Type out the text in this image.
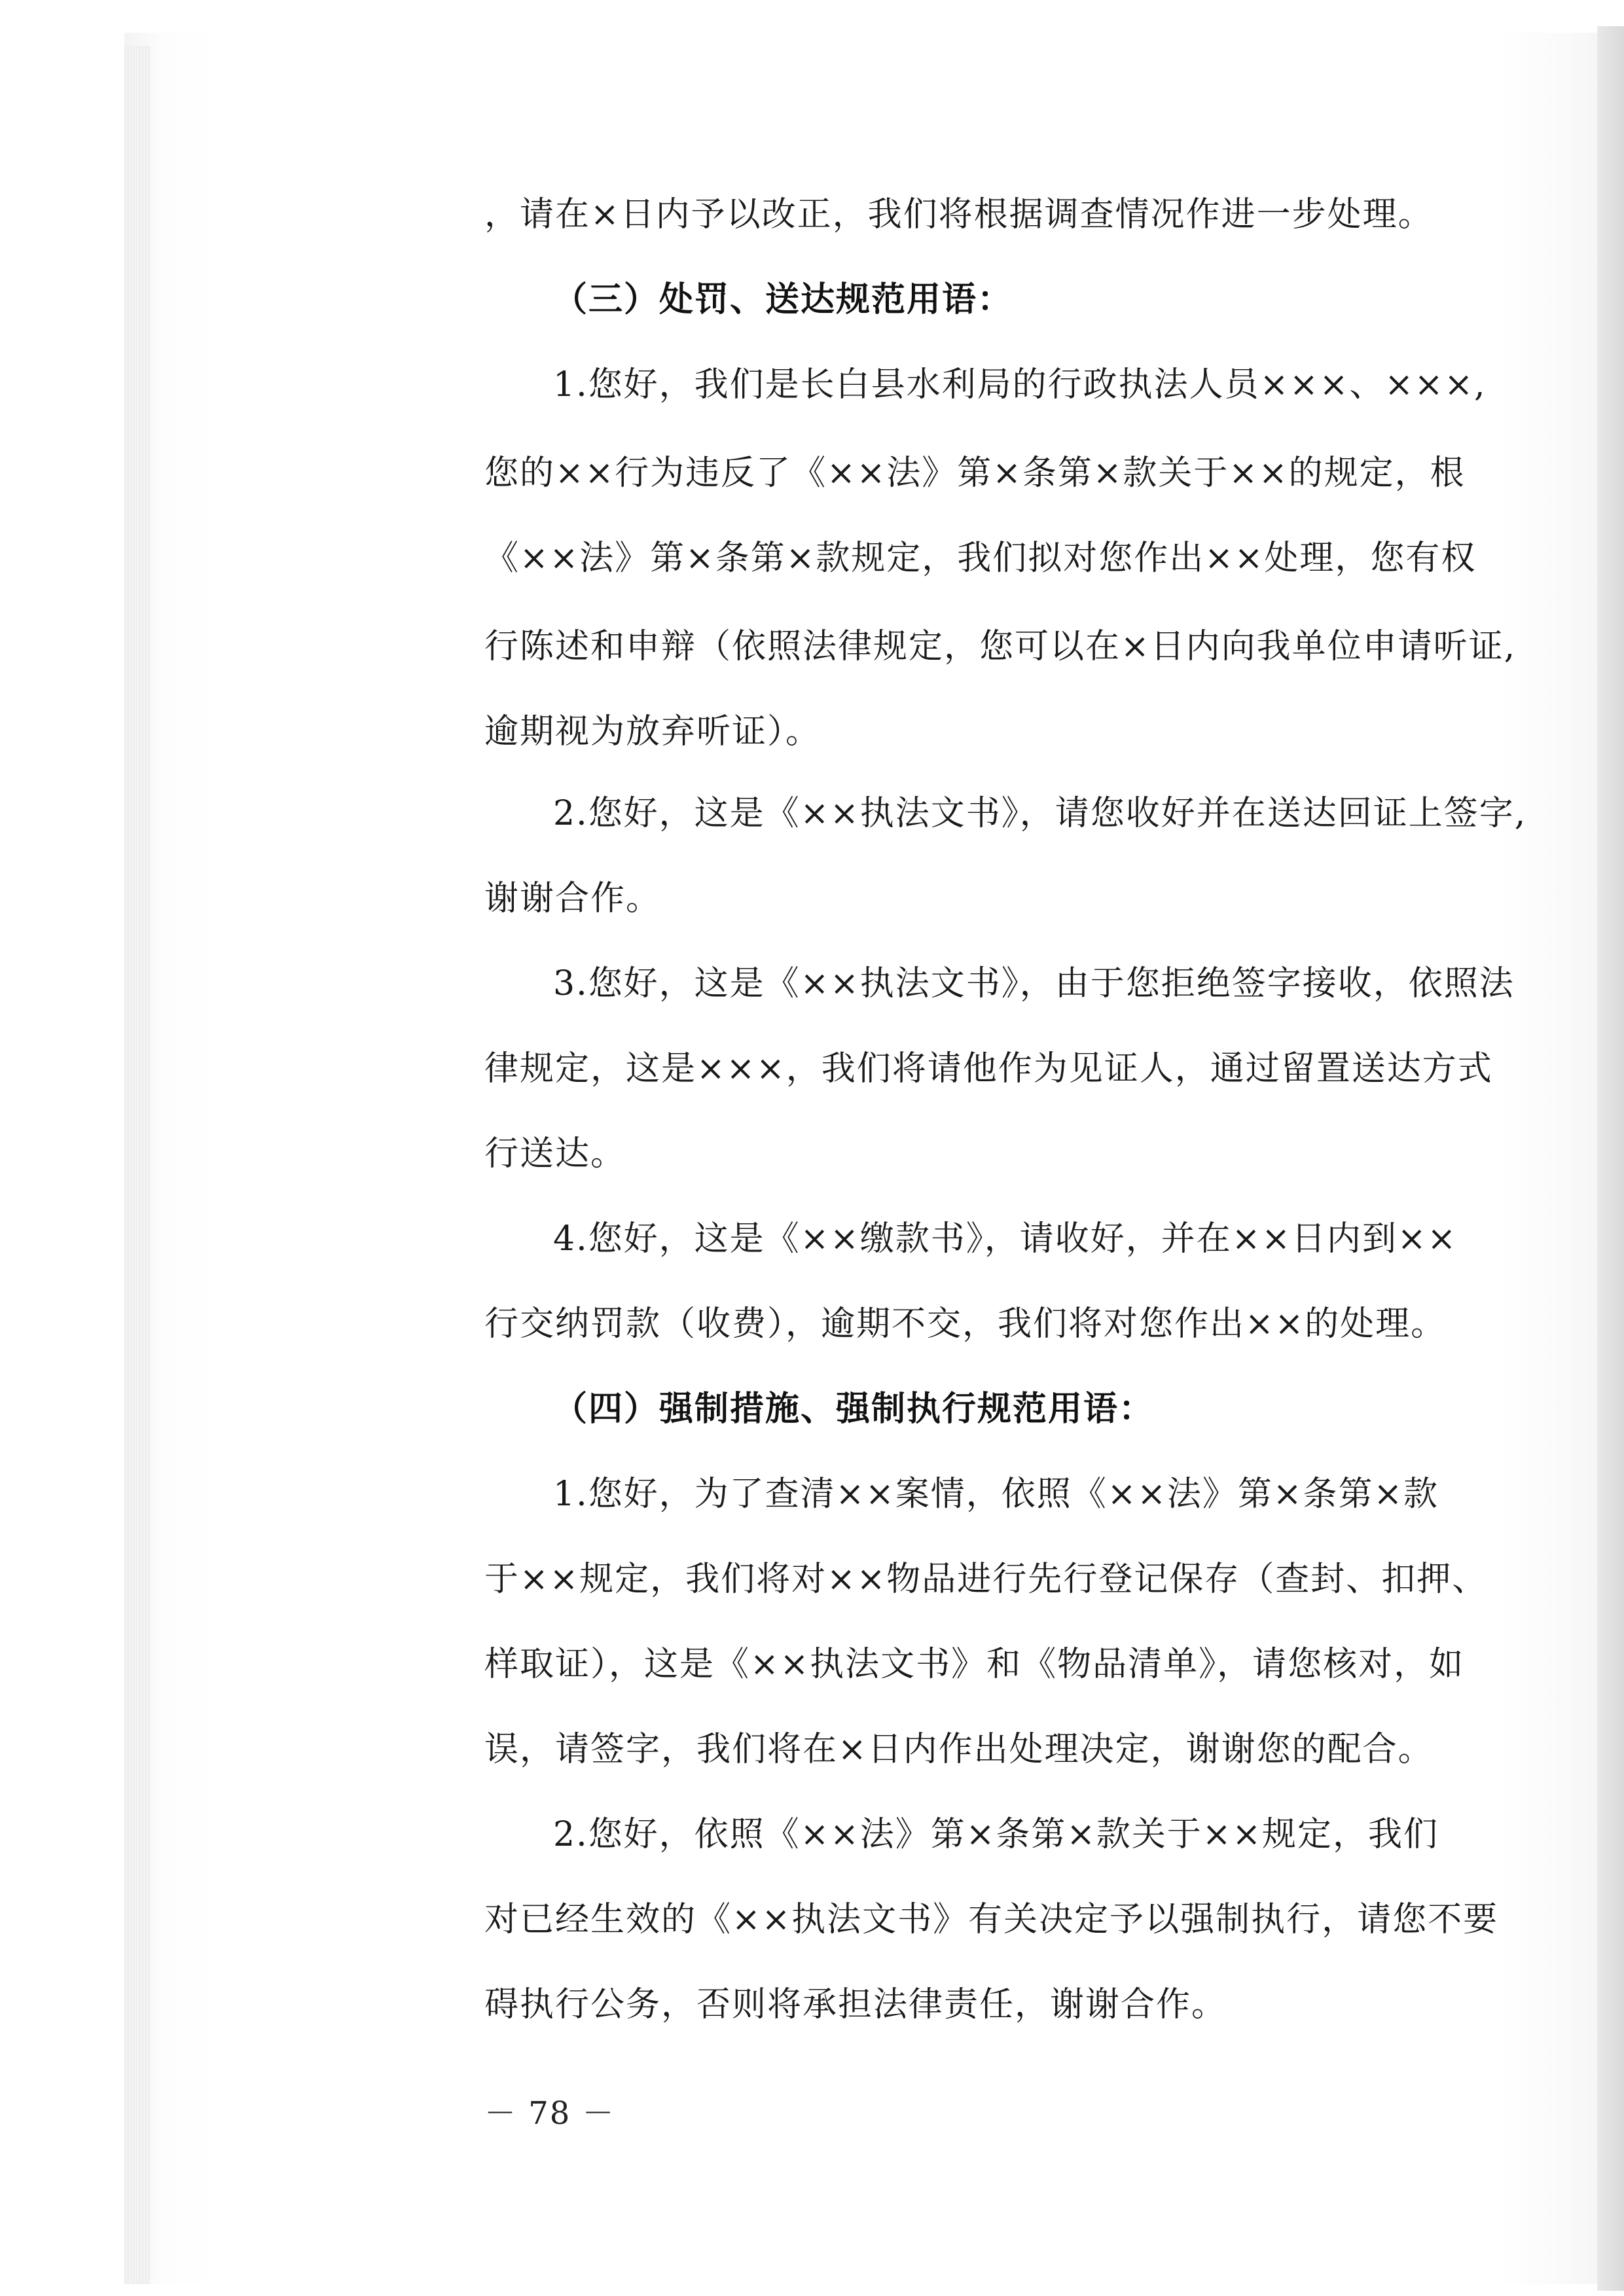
，请在×日内予以改正，我们将根据调查情况作进一步处理。
（三）处罚、送达规范用语：
1.您好，我们是长白县水利局的行政执法人员×××、×××,
您的××行为违反了《××法》第×条第×款关于××的规定，根
《××法》第×条第×款规定，我们拟对您作出××处理，您有权
行陈述和申辩（依照法律规定，您可以在×日内向我单位申请听证,
逾期视为放弃听证）。
2.您好，这是《××执法文书》，请您收好并在送达回证上签字,
谢谢合作。
3.您好，这是《××执法文书》，由于您拒绝签字接收，依照法
律规定，这是×××，我们将请他作为见证人，通过留置送达方式
行送达。
4.您好，这是《××缴款书》，请收好，并在××日内到××
行交纳罚款（收费），逾期不交，我们将对您作出××的处理。
（四）强制措施、强制执行规范用语：
1.您好，为了查清××案情，依照《××法》第×条第×款
于××规定，我们将对××物品进行先行登记保存（查封、扣押、
样取证），这是《××执法文书》和《物品清单》，请您核对，如
误，请签字，我们将在×日内作出处理决定，谢谢您的配合。
2.您好，依照《××法》第×条第×款关于××规定，我们
对已经生效的《××执法文书》有关决定予以强制执行，请您不要
碍执行公务，否则将承担法律责任，谢谢合作。
－ 78 －
